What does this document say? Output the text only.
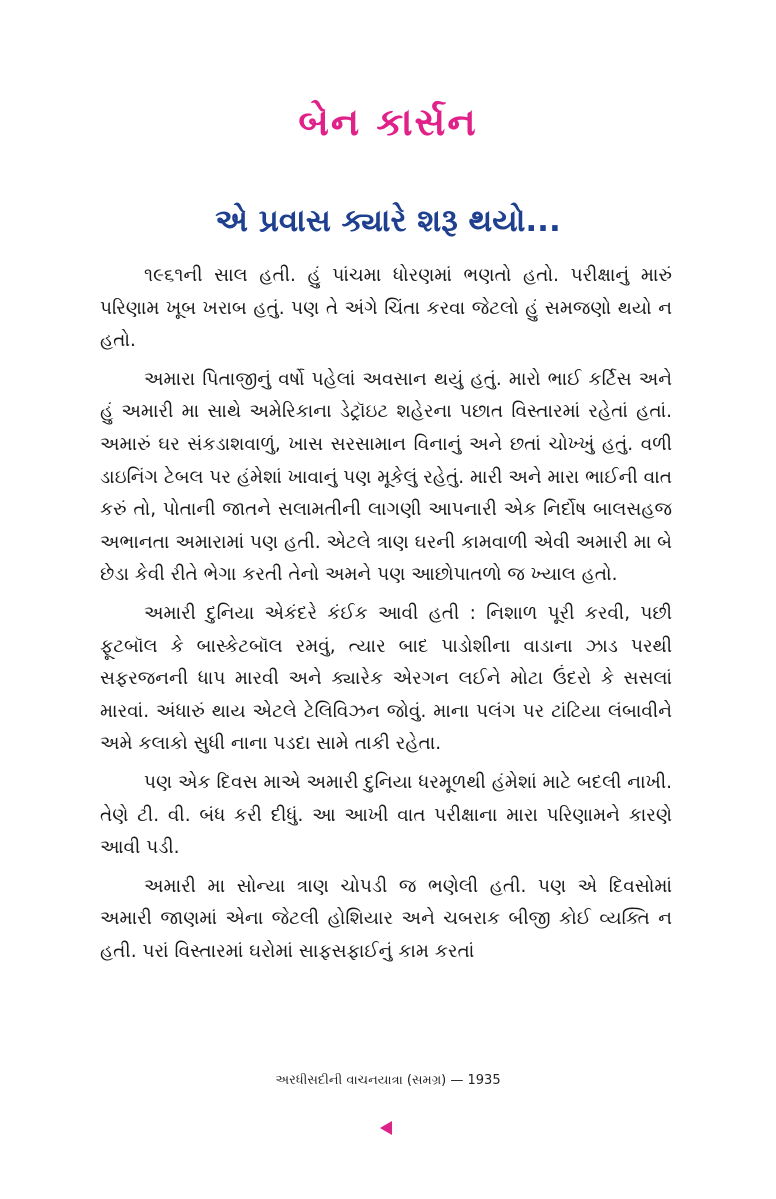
બેન કાર્સન
એ પ્રવાસ ક્યારે શરૂ થયો...

૧૯૬૧ની સાલ હતી. હું પાંચમા ધોરણમાં ભણતો હતો. પરીક્ષાનું મારું પરિણામ ખૂબ ખરાબ હતું. પણ તે અંગે ચિંતા કરવા જેટલો હું સમજણો થયો ન હતો.

અમારા પિતાજીનું વર્ષો પહેલાં અવસાન થયું હતું. મારો ભાઈ કર્ટિસ અને હું અમારી મા સાથે અમેરિકાના ડેટ્રૉઇટ શહેરના પછાત વિસ્તારમાં રહેતાં હતાં. અમારું ઘર સંકડાશવાળું, ખાસ સરસામાન વિનાનું અને છતાં ચોખ્ખું હતું. વળી ડાઇનિંગ ટેબલ પર હંમેશાં ખાવાનું પણ મૂકેલું રહેતું. મારી અને મારા ભાઈની વાત કરું તો, પોતાની જાતને સલામતીની લાગણી આપનારી એક નિર્દોષ બાલસહજ અભાનતા અમારામાં પણ હતી. એટલે ત્રાણ ઘરની કામવાળી એવી અમારી મા બે છેડા કેવી રીતે ભેગા કરતી તેનો અમને પણ આછોપાતળો જ ખ્યાલ હતો.

અમારી દુનિયા એકંદરે કંઈક આવી હતી : નિશાળ પૂરી કરવી, પછી ફૂટબૉલ કે બાસ્કેટબૉલ રમવું, ત્યાર બાદ પાડોશીના વાડાના ઝાડ પરથી સફરજનની ધાપ મારવી અને ક્યારેક એરગન લઈને મોટા ઉંદરો કે સસલાં મારવાં. અંધારું થાય એટલે ટેલિવિઝન જોવું. માના પલંગ પર ટાંટિયા લંબાવીને અમે કલાકો સુધી નાના પડદા સામે તાકી રહેતા.

પણ એક દિવસ માએ અમારી દુનિયા ધરમૂળથી હંમેશાં માટે બદલી નાખી. તેણે ટી. વી. બંધ કરી દીધું. આ આખી વાત પરીક્ષાના મારા પરિણામને કારણે આવી પડી.

અમારી મા સોન્યા ત્રાણ ચોપડી જ ભણેલી હતી. પણ એ દિવસોમાં અમારી જાણમાં એના જેટલી હોશિયાર અને ચબરાક બીજી કોઈ વ્યક્તિ ન હતી. પરાં વિસ્તારમાં ઘરોમાં સાફસફાઈનું કામ કરતાં

અરધીસદીની વાચનયાત્રા (સમગ્ર) — 1935
